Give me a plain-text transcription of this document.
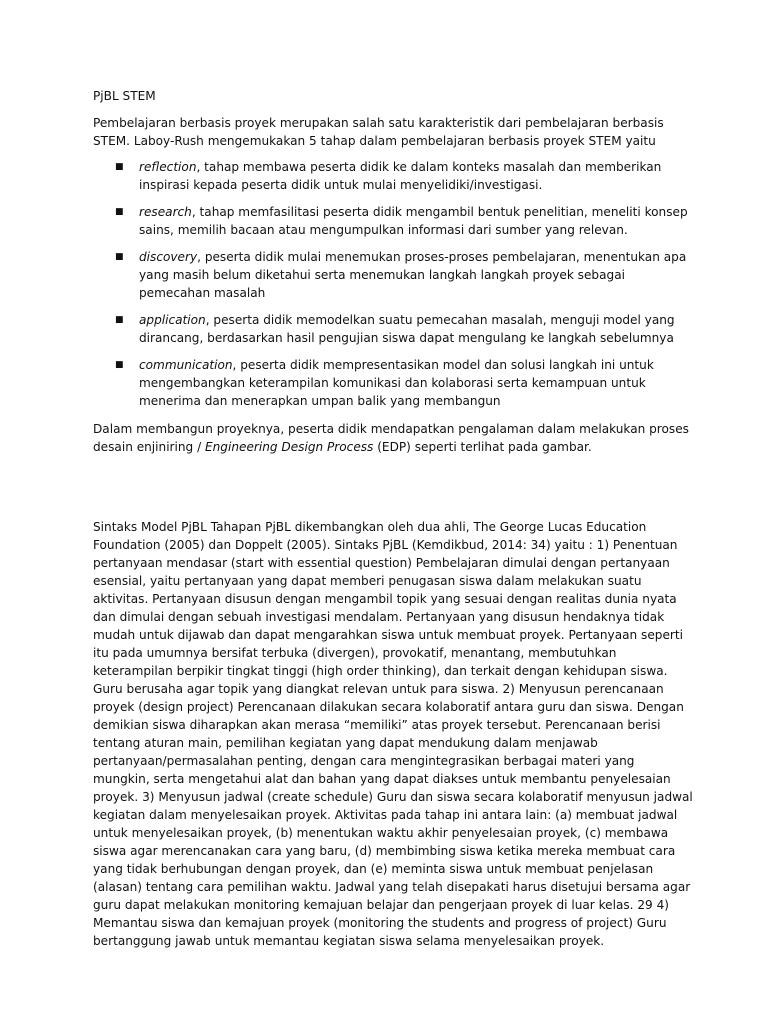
PjBL STEM

Pembelajaran berbasis proyek merupakan salah satu karakteristik dari pembelajaran berbasis STEM. Laboy-Rush mengemukakan 5 tahap dalam pembelajaran berbasis proyek STEM yaitu

■ reflection, tahap membawa peserta didik ke dalam konteks masalah dan memberikan inspirasi kepada peserta didik untuk mulai menyelidiki/investigasi.
■ research, tahap memfasilitasi peserta didik mengambil bentuk penelitian, meneliti konsep sains, memilih bacaan atau mengumpulkan informasi dari sumber yang relevan.
■ discovery, peserta didik mulai menemukan proses-proses pembelajaran, menentukan apa yang masih belum diketahui serta menemukan langkah langkah proyek sebagai pemecahan masalah
■ application, peserta didik memodelkan suatu pemecahan masalah, menguji model yang dirancang, berdasarkan hasil pengujian siswa dapat mengulang ke langkah sebelumnya
■ communication, peserta didik mempresentasikan model dan solusi langkah ini untuk mengembangkan keterampilan komunikasi dan kolaborasi serta kemampuan untuk menerima dan menerapkan umpan balik yang membangun

Dalam membangun proyeknya, peserta didik mendapatkan pengalaman dalam melakukan proses desain enjiniring / Engineering Design Process (EDP) seperti terlihat pada gambar.

Sintaks Model PjBL Tahapan PjBL dikembangkan oleh dua ahli, The George Lucas Education Foundation (2005) dan Doppelt (2005). Sintaks PjBL (Kemdikbud, 2014: 34) yaitu : 1) Penentuan pertanyaan mendasar (start with essential question) Pembelajaran dimulai dengan pertanyaan esensial, yaitu pertanyaan yang dapat memberi penugasan siswa dalam melakukan suatu aktivitas. Pertanyaan disusun dengan mengambil topik yang sesuai dengan realitas dunia nyata dan dimulai dengan sebuah investigasi mendalam. Pertanyaan yang disusun hendaknya tidak mudah untuk dijawab dan dapat mengarahkan siswa untuk membuat proyek. Pertanyaan seperti itu pada umumnya bersifat terbuka (divergen), provokatif, menantang, membutuhkan keterampilan berpikir tingkat tinggi (high order thinking), dan terkait dengan kehidupan siswa. Guru berusaha agar topik yang diangkat relevan untuk para siswa. 2) Menyusun perencanaan proyek (design project) Perencanaan dilakukan secara kolaboratif antara guru dan siswa. Dengan demikian siswa diharapkan akan merasa “memiliki” atas proyek tersebut. Perencanaan berisi tentang aturan main, pemilihan kegiatan yang dapat mendukung dalam menjawab pertanyaan/permasalahan penting, dengan cara mengintegrasikan berbagai materi yang mungkin, serta mengetahui alat dan bahan yang dapat diakses untuk membantu penyelesaian proyek. 3) Menyusun jadwal (create schedule) Guru dan siswa secara kolaboratif menyusun jadwal kegiatan dalam menyelesaikan proyek. Aktivitas pada tahap ini antara lain: (a) membuat jadwal untuk menyelesaikan proyek, (b) menentukan waktu akhir penyelesaian proyek, (c) membawa siswa agar merencanakan cara yang baru, (d) membimbing siswa ketika mereka membuat cara yang tidak berhubungan dengan proyek, dan (e) meminta siswa untuk membuat penjelasan (alasan) tentang cara pemilihan waktu. Jadwal yang telah disepakati harus disetujui bersama agar guru dapat melakukan monitoring kemajuan belajar dan pengerjaan proyek di luar kelas. 29 4) Memantau siswa dan kemajuan proyek (monitoring the students and progress of project) Guru bertanggung jawab untuk memantau kegiatan siswa selama menyelesaikan proyek.
